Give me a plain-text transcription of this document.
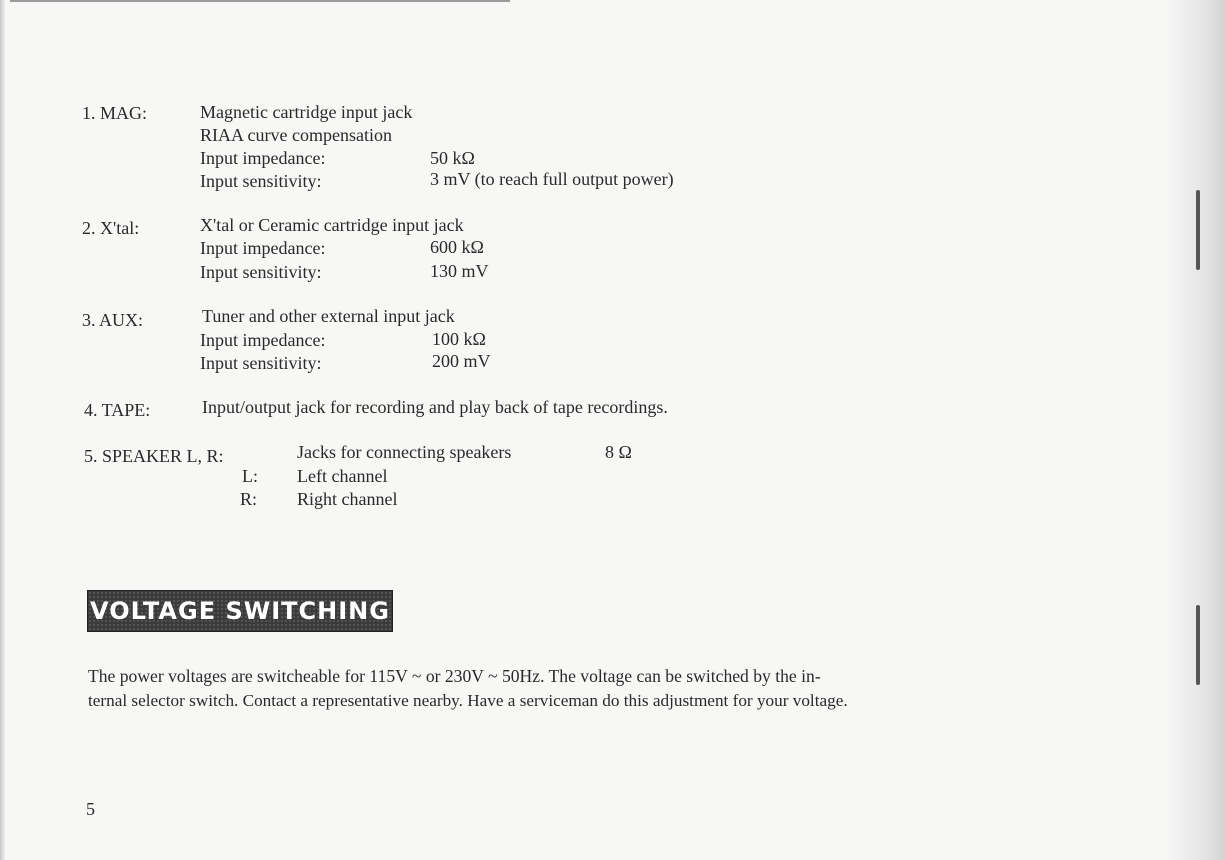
1. MAG:	Magnetic cartridge input jack
RIAA curve compensation
Input impedance:	50 kΩ
Input sensitivity:	3 mV (to reach full output power)
2. X'tal:	X'tal or Ceramic cartridge input jack
Input impedance:	600 kΩ
Input sensitivity:	130 mV
3. AUX:	Tuner and other external input jack
Input impedance:	100 kΩ
Input sensitivity:	200 mV
4. TAPE:	Input/output jack for recording and play back of tape recordings.
5. SPEAKER L, R:	Jacks for connecting speakers	8 Ω
L: Left channel
R: Right channel
VOLTAGE SWITCHING
The power voltages are switcheable for 115V ~ or 230V ~ 50Hz. The voltage can be switched by the in-
ternal selector switch. Contact a representative nearby. Have a serviceman do this adjustment for your voltage.
5
